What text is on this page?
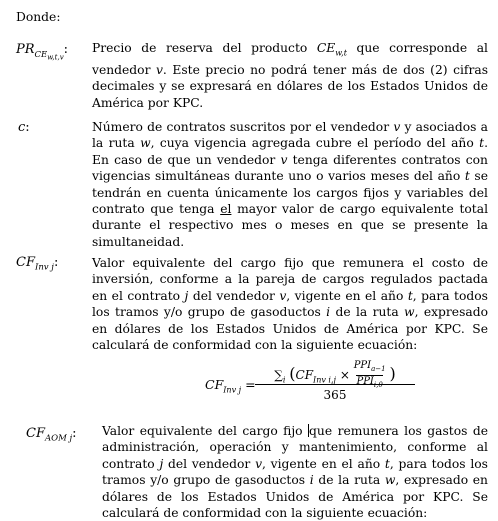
Donde:
$PR_{CE_{w,t,v}}$: Precio de reserva del producto $CE_{w,t}$ que corresponde al vendedor v. Este precio no podrá tener más de dos (2) cifras decimales y se expresará en dólares de los Estados Unidos de América por KPC.
c:	Número de contratos suscritos por el vendedor v y asociados a la ruta w, cuya vigencia agregada cubre el período del año t. En caso de que un vendedor v tenga diferentes contratos con vigencias simultáneas durante uno o varios meses del año t se tendrán en cuenta únicamente los cargos fijos y variables del contrato que tenga el mayor valor de cargo equivalente total durante el respectivo mes o meses en que se presente la simultaneidad.
$CF_{Inv j}$:	Valor equivalente del cargo fijo que remunera el costo de inversión, conforme a la pareja de cargos regulados pactada en el contrato j del vendedor v, vigente en el año t, para todos los tramos y/o grupo de gasoductos i de la ruta w, expresado en dólares de los Estados Unidos de América por KPC. Se calculará de conformidad con la siguiente ecuación:
$CF_{Inv j}$ =
$\sum_i$ ($CF_{Inv i,j} \times PPI_{a-1}$
$PPI_{i,0}$ )
365
$CF_{AOM j}$: Valor equivalente del cargo fijo que remunera los gastos de administración, operación y mantenimiento, conforme al contrato j del vendedor v, vigente en el año t, para todos los tramos y/o grupo de gasoductos i de la ruta w, expresado en dólares de los Estados Unidos de América por KPC. Se calculará de conformidad con la siguiente ecuación:
